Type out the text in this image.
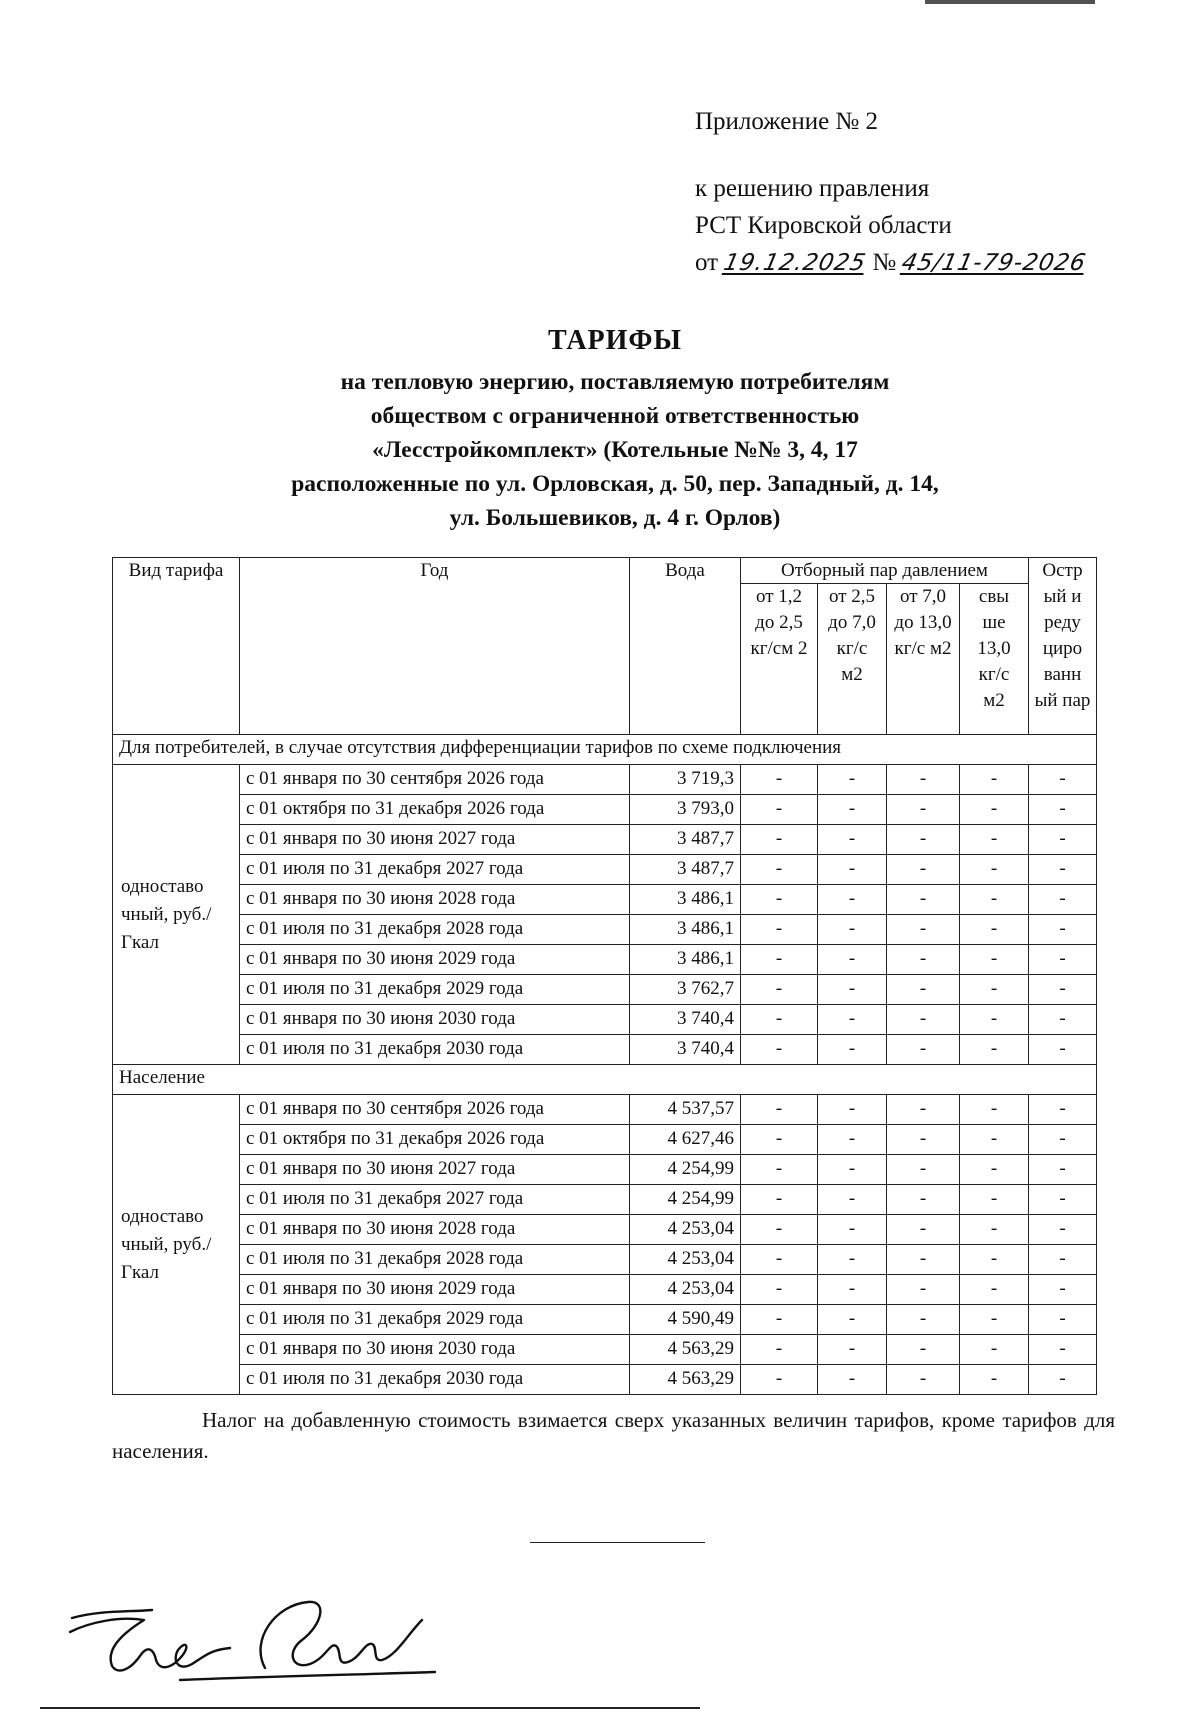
Приложение № 2
к решению правления
РСТ Кировской области
от 19.12.2025 № 45/11-79-2026
ТАРИФЫ
на тепловую энергию, поставляемую потребителям
обществом с ограниченной ответственностью
«Лесстройкомплект» (Котельные №№ 3, 4, 17
расположенные по ул. Орловская, д. 50, пер. Западный, д. 14,
ул. Большевиков, д. 4 г. Орлов)
Вид тарифа	Год	Вода	Отборный пар давлением				Остр ый и реду циро ванн ый пар
			от 1,2 до 2,5 кг/см 2	от 2,5 до 7,0 кг/с м2	от 7,0 до 13,0 кг/с м2	свы ше 13,0 кг/с м2	
Для потребителей, в случае отсутствия дифференциации тарифов по схеме подключения							
одноставо чный, руб./Гкал	с 01 января по 30 сентября 2026 года	3 719,3	-	-	-	-	-
	с 01 октября по 31 декабря 2026 года	3 793,0	-	-	-	-	-
	с 01 января по 30 июня 2027 года	3 487,7	-	-	-	-	-
	с 01 июля по 31 декабря 2027 года	3 487,7	-	-	-	-	-
	с 01 января по 30 июня 2028 года	3 486,1	-	-	-	-	-
	с 01 июля по 31 декабря 2028 года	3 486,1	-	-	-	-	-
	с 01 января по 30 июня 2029 года	3 486,1	-	-	-	-	-
	с 01 июля по 31 декабря 2029 года	3 762,7	-	-	-	-	-
	с 01 января по 30 июня 2030 года	3 740,4	-	-	-	-	-
	с 01 июля по 31 декабря 2030 года	3 740,4	-	-	-	-	-
Население							
одноставо чный, руб./Гкал	с 01 января по 30 сентября 2026 года	4 537,57	-	-	-	-	-
	с 01 октября по 31 декабря 2026 года	4 627,46	-	-	-	-	-
	с 01 января по 30 июня 2027 года	4 254,99	-	-	-	-	-
	с 01 июля по 31 декабря 2027 года	4 254,99	-	-	-	-	-
	с 01 января по 30 июня 2028 года	4 253,04	-	-	-	-	-
	с 01 июля по 31 декабря 2028 года	4 253,04	-	-	-	-	-
	с 01 января по 30 июня 2029 года	4 253,04	-	-	-	-	-
	с 01 июля по 31 декабря 2029 года	4 590,49	-	-	-	-	-
	с 01 января по 30 июня 2030 года	4 563,29	-	-	-	-	-
	с 01 июля по 31 декабря 2030 года	4 563,29	-	-	-	-	-
Налог на добавленную стоимость взимается сверх указанных величин тарифов, кроме тарифов для населения.
